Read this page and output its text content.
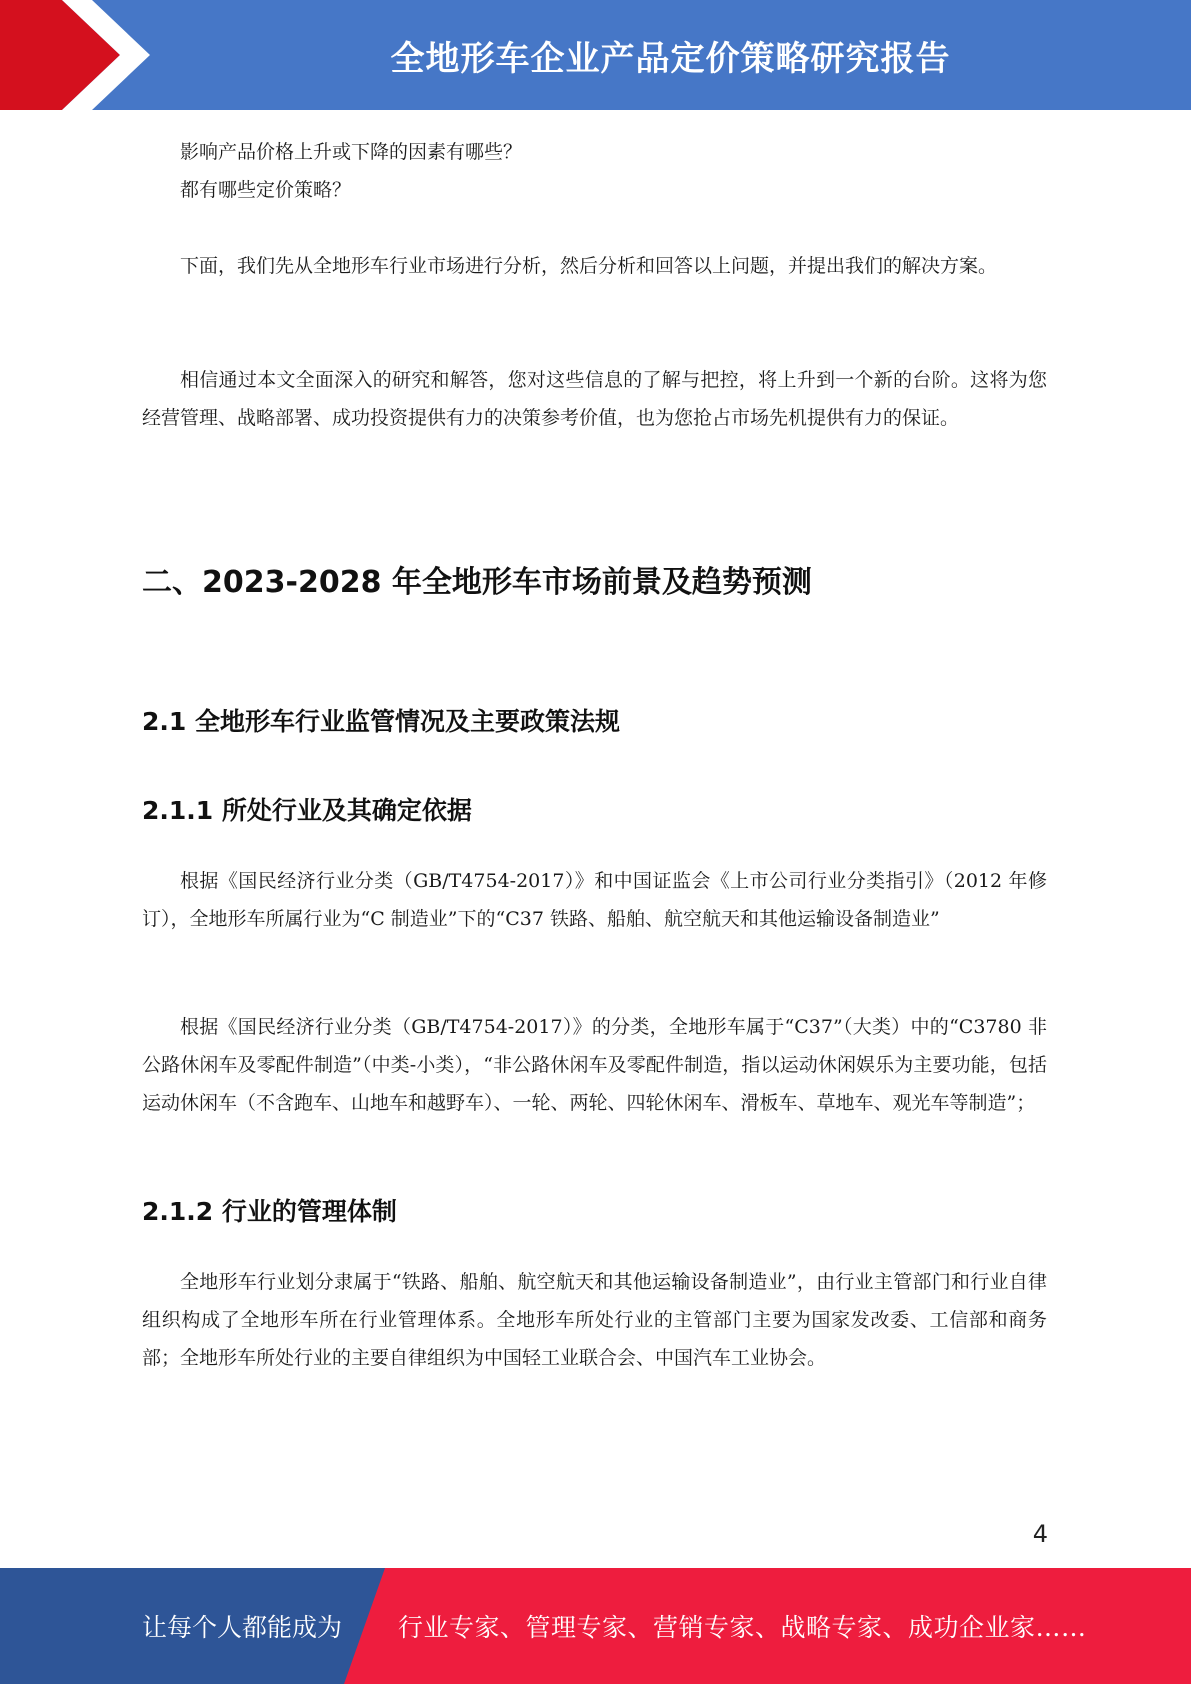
全地形车企业产品定价策略研究报告

影响产品价格上升或下降的因素有哪些？

都有哪些定价策略？

下面，我们先从全地形车行业市场进行分析，然后分析和回答以上问题，并提出我们的解决方案。

相信通过本文全面深入的研究和解答，您对这些信息的了解与把控，将上升到一个新的台阶。这将为您经营管理、战略部署、成功投资提供有力的决策参考价值，也为您抢占市场先机提供有力的保证。

二、2023-2028 年全地形车市场前景及趋势预测
2.1 全地形车行业监管情况及主要政策法规
2.1.1 所处行业及其确定依据

根据《国民经济行业分类（GB/T4754-2017）》和中国证监会《上市公司行业分类指引》（2012 年修订），全地形车所属行业为“C 制造业”下的“C37 铁路、船舶、航空航天和其他运输设备制造业”

根据《国民经济行业分类（GB/T4754-2017）》的分类，全地形车属于“C37”（大类）中的“C3780 非公路休闲车及零配件制造”（中类-小类），“非公路休闲车及零配件制造，指以运动休闲娱乐为主要功能，包括运动休闲车（不含跑车、山地车和越野车）、一轮、两轮、四轮休闲车、滑板车、草地车、观光车等制造”；

2.1.2 行业的管理体制

全地形车行业划分隶属于“铁路、船舶、航空航天和其他运输设备制造业”，由行业主管部门和行业自律组织构成了全地形车所在行业管理体系。全地形车所处行业的主管部门主要为国家发改委、工信部和商务部；全地形车所处行业的主要自律组织为中国轻工业联合会、中国汽车工业协会。

4
让每个人都能成为 行业专家、管理专家、营销专家、战略专家、成功企业家……
